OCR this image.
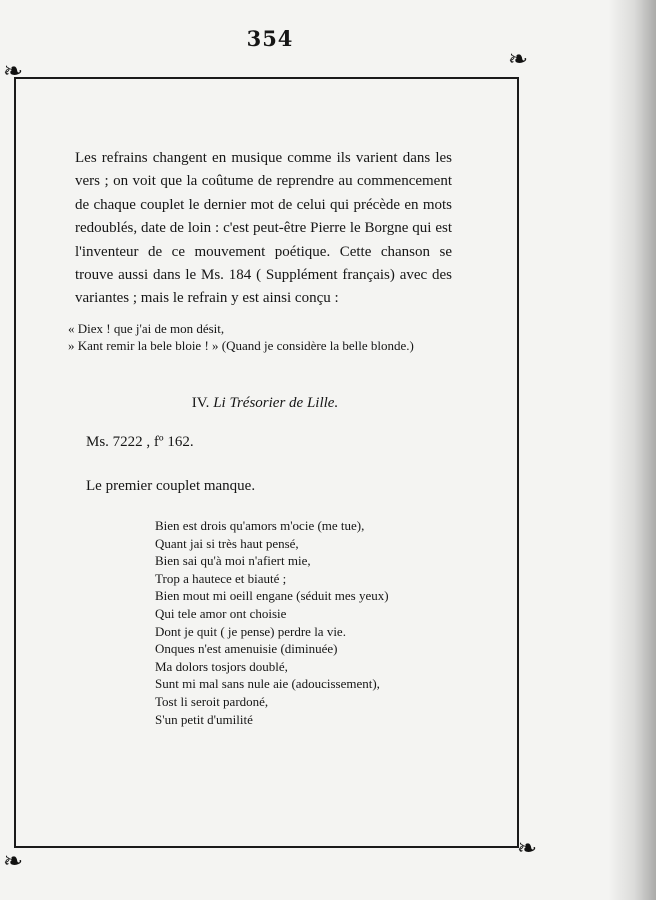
354
❧	❧
❧	❧
Les refrains changent en musique comme ils varient dans les vers ; on voit que la coûtume de reprendre au commencement de chaque couplet le dernier mot de celui qui précède en mots redoublés, date de loin : c'est peut-être Pierre le Borgne qui est l'inventeur de ce mouvement poétique. Cette chanson se trouve aussi dans le Ms. 184 ( Supplément français) avec des variantes ; mais le refrain y est ainsi conçu :
« Diex ! que j'ai de mon désit,
» Kant remir la bele bloie ! » (Quand je considère la belle blonde.)
IV. Li Trésorier de Lille.
Ms. 7222 , fº 162.
Le premier couplet manque.
Bien est drois qu'amors m'ocie (me tue),
Quant jai si très haut pensé,
Bien sai qu'à moi n'afiert mie,
Trop a hautece et biauté ;
Bien mout mi oeill engane (séduit mes yeux)
Qui tele amor ont choisie
Dont je quit ( je pense) perdre la vie.
Onques n'est amenuisie (diminuée)
Ma dolors tosjors doublé,
Sunt mi mal sans nule aie (adoucissement),
Tost li seroit pardoné,
S'un petit d'umilité
